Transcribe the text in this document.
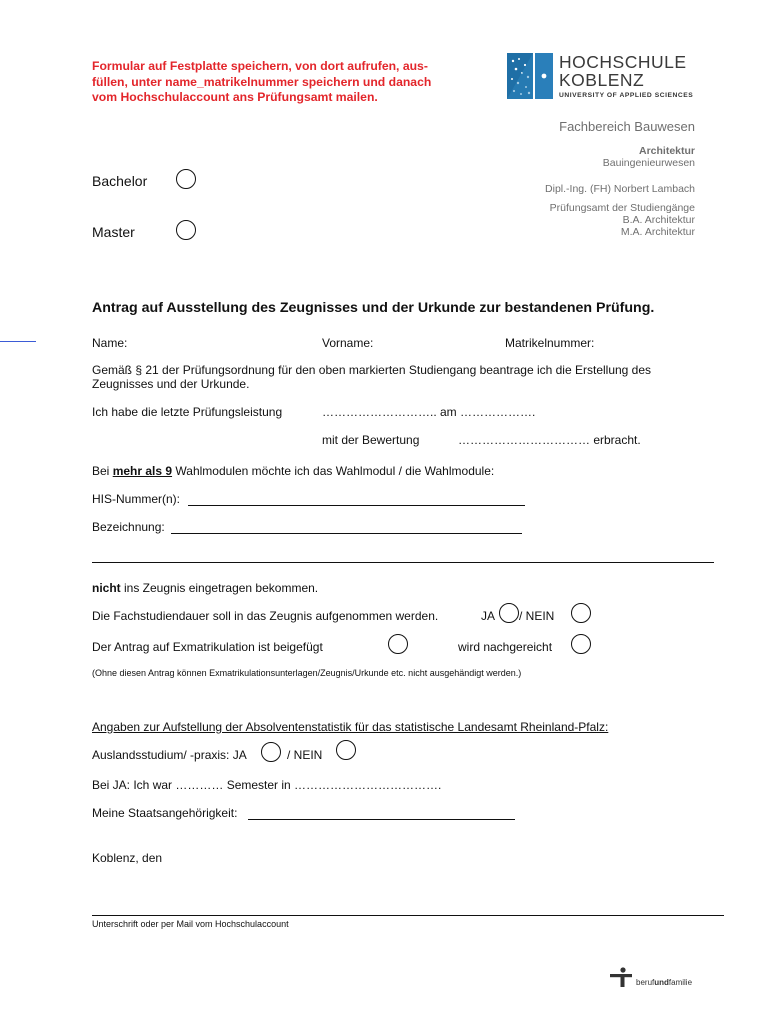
Formular auf Festplatte speichern, von dort aufrufen, aus-
füllen, unter name_matrikelnummer speichern und danach
vom Hochschulaccount ans Prüfungsamt mailen.
HOCHSCHULE
KOBLENZ
UNIVERSITY OF APPLIED SCIENCES
Fachbereich Bauwesen
Architektur
Bauingenieurwesen
Dipl.-Ing. (FH) Norbert Lambach
Prüfungsamt der Studiengänge
B.A. Architektur
M.A. Architektur
Bachelor
Master
Antrag auf Ausstellung des Zeugnisses und der Urkunde zur bestandenen Prüfung.
Name:	Vorname:	Matrikelnummer:
Gemäß § 21 der Prüfungsordnung für den oben markierten Studiengang beantrage ich die Erstellung des
Zeugnisses und der Urkunde.
Ich habe die letzte Prüfungsleistung	……………………….. am ……………….
mit der Bewertung	…………………………… erbracht.
Bei mehr als 9 Wahlmodulen möchte ich das Wahlmodul / die Wahlmodule:
HIS-Nummer(n):
Bezeichnung:
nicht ins Zeugnis eingetragen bekommen.
Die Fachstudiendauer soll in das Zeugnis aufgenommen werden.	JA / NEIN
Der Antrag auf Exmatrikulation ist beigefügt	wird nachgereicht
(Ohne diesen Antrag können Exmatrikulationsunterlagen/Zeugnis/Urkunde etc. nicht ausgehändigt werden.)
Angaben zur Aufstellung der Absolventenstatistik für das statistische Landesamt Rheinland-Pfalz:
Auslandsstudium/ -praxis: JA	/ NEIN
Bei JA: Ich war ………… Semester in ……………………………….
Meine Staatsangehörigkeit:
Koblenz, den
Unterschrift oder per Mail vom Hochschulaccount
berufundfamilie
